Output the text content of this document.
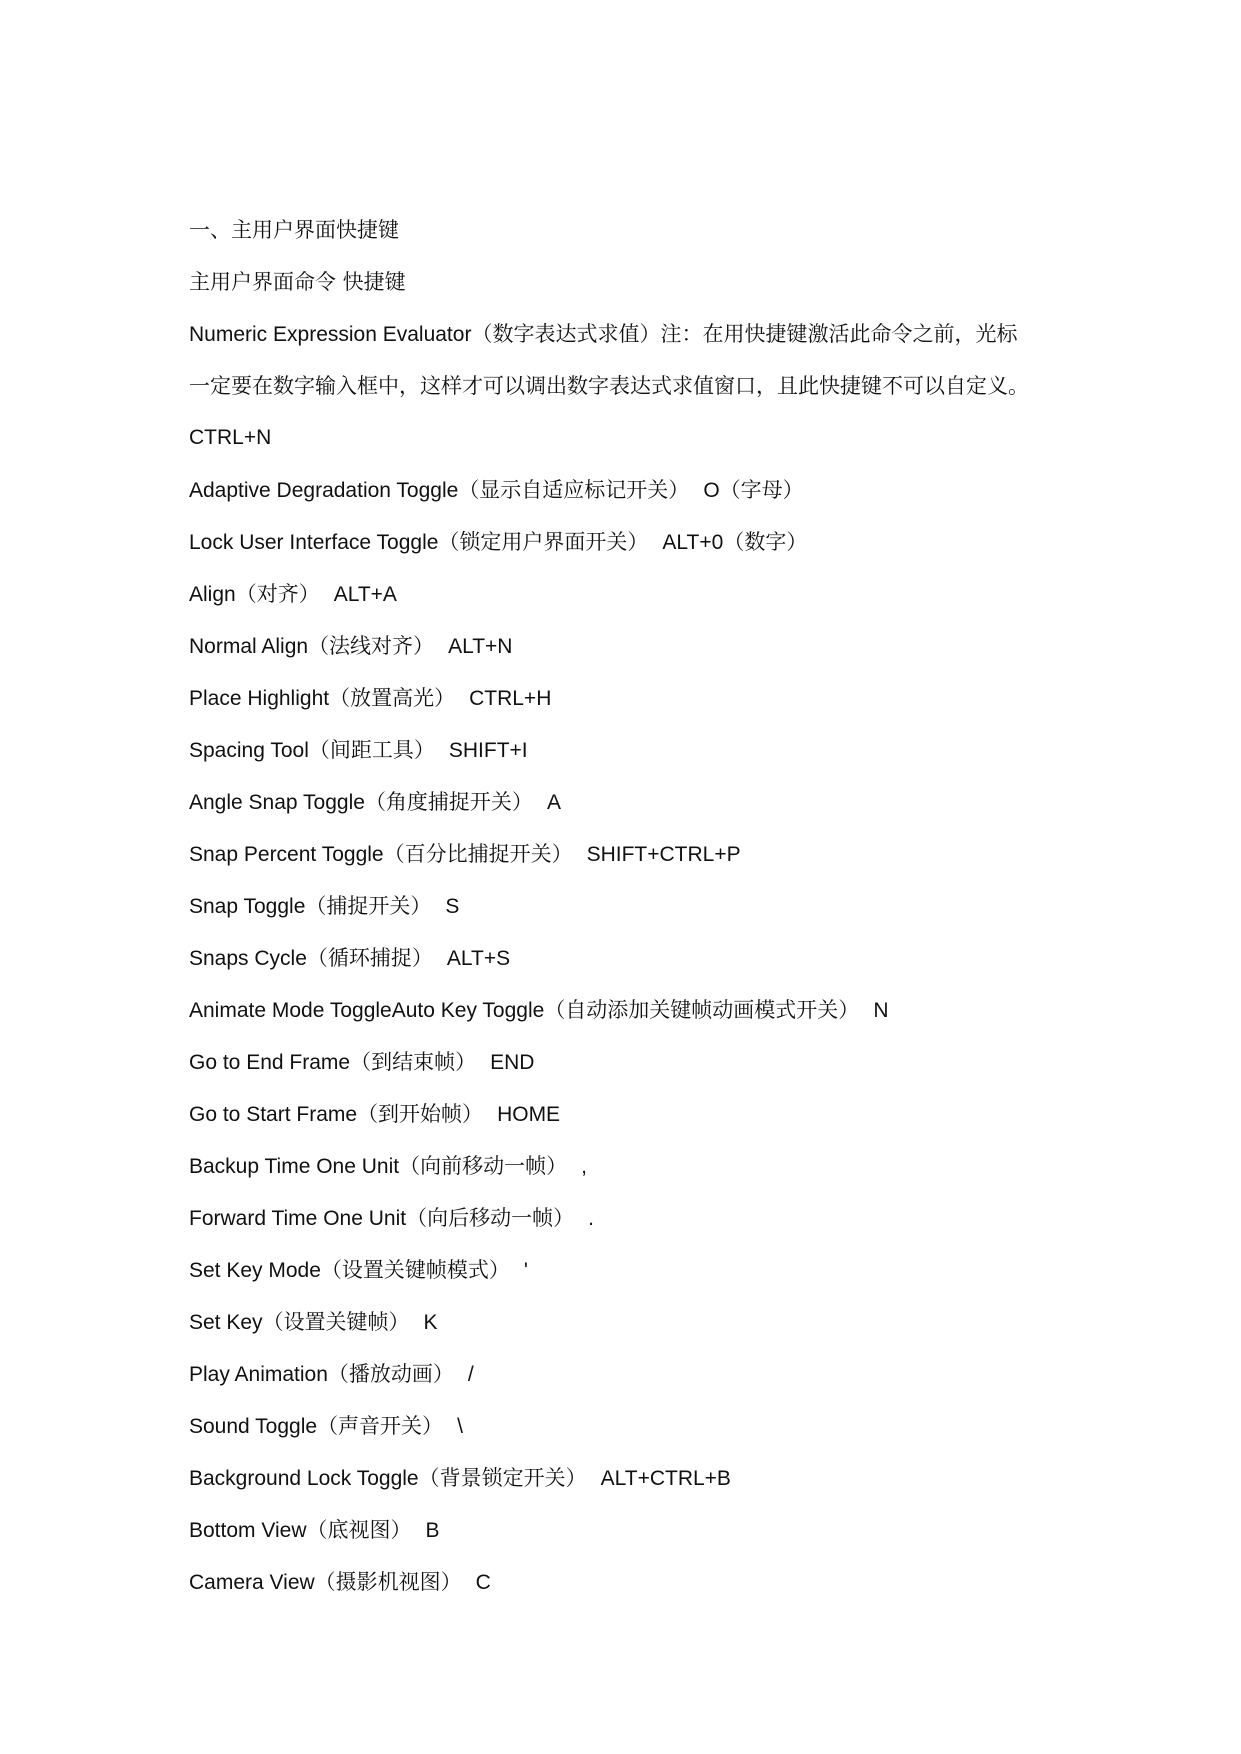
一、主用户界面快捷键
主用户界面命令 快捷键
Numeric Expression Evaluator（数字表达式求值）注：在用快捷键激活此命令之前，光标
一定要在数字输入框中，这样才可以调出数字表达式求值窗口，且此快捷键不可以自定义。
CTRL+N
Adaptive Degradation Toggle（显示自适应标记开关） O（字母）
Lock User Interface Toggle（锁定用户界面开关） ALT+0（数字）
Align（对齐） ALT+A
Normal Align（法线对齐） ALT+N
Place Highlight（放置高光） CTRL+H
Spacing Tool（间距工具） SHIFT+I
Angle Snap Toggle（角度捕捉开关） A
Snap Percent Toggle（百分比捕捉开关） SHIFT+CTRL+P
Snap Toggle（捕捉开关） S
Snaps Cycle（循环捕捉） ALT+S
Animate Mode ToggleAuto Key Toggle（自动添加关键帧动画模式开关） N
Go to End Frame（到结束帧） END
Go to Start Frame（到开始帧） HOME
Backup Time One Unit（向前移动一帧） ,
Forward Time One Unit（向后移动一帧） .
Set Key Mode（设置关键帧模式） '
Set Key（设置关键帧） K
Play Animation（播放动画） /
Sound Toggle（声音开关） \
Background Lock Toggle（背景锁定开关） ALT+CTRL+B
Bottom View（底视图） B
Camera View（摄影机视图） C
